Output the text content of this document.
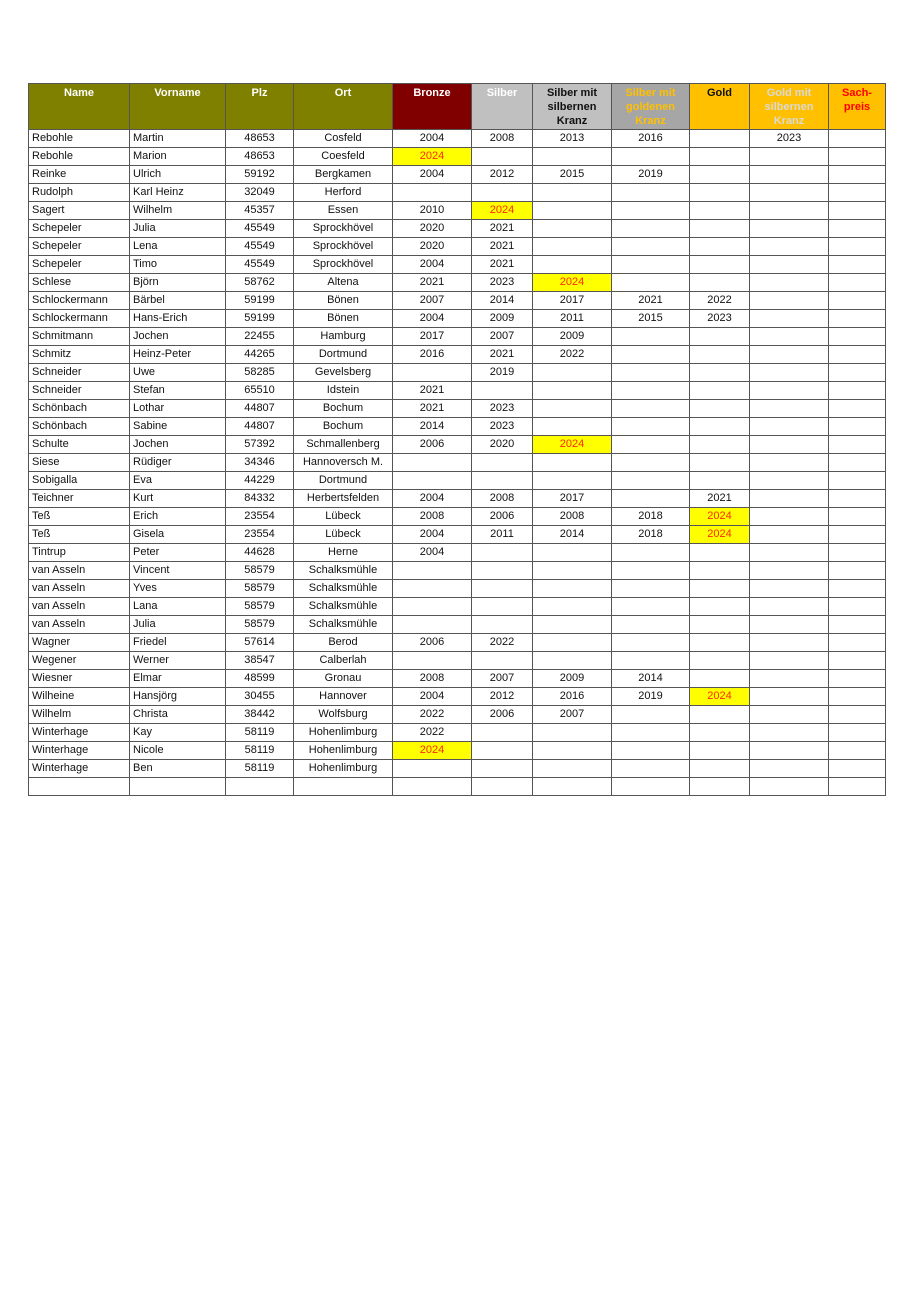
Name	Vorname	Plz	Ort	Bronze	Silber	Silber mit silbernen Kranz	Silber mit goldenen Kranz	Gold	Gold mit silbernen Kranz	Sach-preis
Rebohle	Martin	48653	Cosfeld	2004	2008	2013	2016		2023	
Rebohle	Marion	48653	Coesfeld	2024						
Reinke	Ulrich	59192	Bergkamen	2004	2012	2015	2019			
Rudolph	Karl Heinz	32049	Herford							
Sagert	Wilhelm	45357	Essen	2010	2024					
Schepeler	Julia	45549	Sprockhövel	2020	2021					
Schepeler	Lena	45549	Sprockhövel	2020	2021					
Schepeler	Timo	45549	Sprockhövel	2004	2021					
Schlese	Björn	58762	Altena	2021	2023	2024				
Schlockermann	Bärbel	59199	Bönen	2007	2014	2017	2021	2022		
Schlockermann	Hans-Erich	59199	Bönen	2004	2009	2011	2015	2023		
Schmitmann	Jochen	22455	Hamburg	2017	2007	2009				
Schmitz	Heinz-Peter	44265	Dortmund	2016	2021	2022				
Schneider	Uwe	58285	Gevelsberg		2019					
Schneider	Stefan	65510	Idstein	2021						
Schönbach	Lothar	44807	Bochum	2021	2023					
Schönbach	Sabine	44807	Bochum	2014	2023					
Schulte	Jochen	57392	Schmallenberg	2006	2020	2024				
Siese	Rüdiger	34346	Hannoversch M.							
Sobigalla	Eva	44229	Dortmund							
Teichner	Kurt	84332	Herbertsfelden	2004	2008	2017		2021		
Teß	Erich	23554	Lübeck	2008	2006	2008	2018	2024		
Teß	Gisela	23554	Lübeck	2004	2011	2014	2018	2024		
Tintrup	Peter	44628	Herne	2004						
van Asseln	Vincent	58579	Schalksmühle							
van Asseln	Yves	58579	Schalksmühle							
van Asseln	Lana	58579	Schalksmühle							
van Asseln	Julia	58579	Schalksmühle							
Wagner	Friedel	57614	Berod	2006	2022					
Wegener	Werner	38547	Calberlah							
Wiesner	Elmar	48599	Gronau	2008	2007	2009	2014			
Wilheine	Hansjörg	30455	Hannover	2004	2012	2016	2019	2024		
Wilhelm	Christa	38442	Wolfsburg	2022	2006	2007				
Winterhage	Kay	58119	Hohenlimburg	2022						
Winterhage	Nicole	58119	Hohenlimburg	2024						
Winterhage	Ben	58119	Hohenlimburg							
